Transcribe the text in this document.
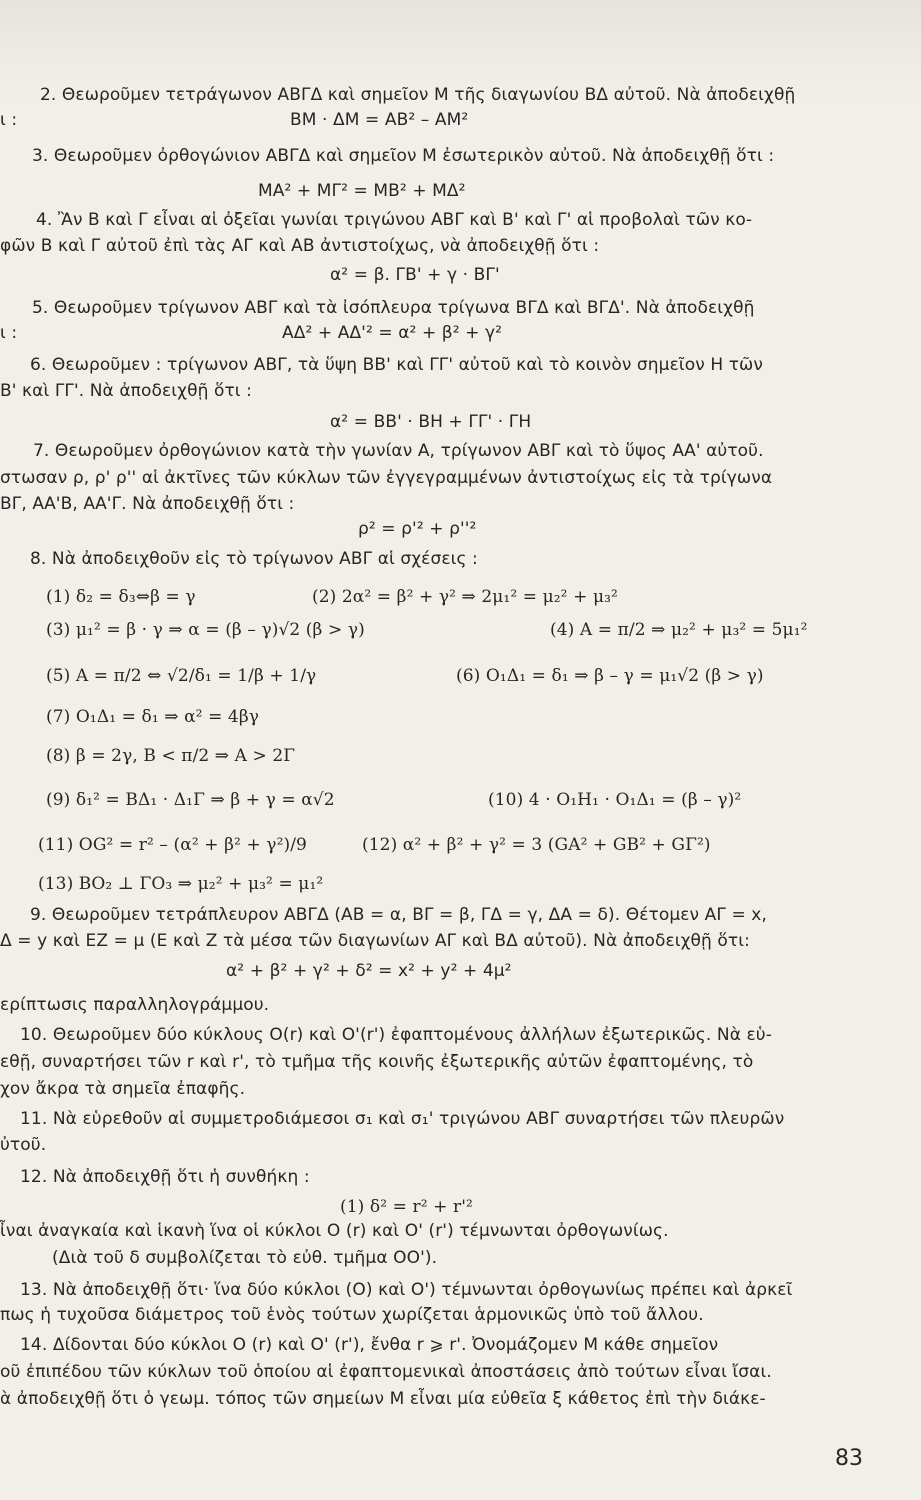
2. Θεωροῦμεν τετράγωνον ΑΒΓΔ καὶ σημεῖον Μ τῆς διαγωνίου ΒΔ αὐτοῦ. Νὰ ἀποδειχθῇ
ι :	ΒΜ · ΔΜ = ΑΒ² – ΑΜ²
3. Θεωροῦμεν ὀρθογώνιον ΑΒΓΔ καὶ σημεῖον Μ ἐσωτερικὸν αὐτοῦ. Νὰ ἀποδειχθῇ ὅτι :
ΜΑ² + ΜΓ² = ΜΒ² + ΜΔ²
4. Ἂν Β καὶ Γ εἶναι αἱ ὀξεῖαι γωνίαι τριγώνου ΑΒΓ καὶ Β' καὶ Γ' αἱ προβολαὶ τῶν κο-
φῶν Β καὶ Γ αὐτοῦ ἐπὶ τὰς ΑΓ καὶ ΑΒ ἀντιστοίχως, νὰ ἀποδειχθῇ ὅτι :
α² = β. ΓΒ' + γ · ΒΓ'
5. Θεωροῦμεν τρίγωνον ΑΒΓ καὶ τὰ ἰσόπλευρα τρίγωνα ΒΓΔ καὶ ΒΓΔ'. Νὰ ἀποδειχθῇ
ι :	ΑΔ² + ΑΔ'² = α² + β² + γ²
6. Θεωροῦμεν : τρίγωνον ΑΒΓ, τὰ ὕψη ΒΒ' καὶ ΓΓ' αὐτοῦ καὶ τὸ κοινὸν σημεῖον Η τῶν
Β' καὶ ΓΓ'. Νὰ ἀποδειχθῇ ὅτι :
α² = ΒΒ' · ΒΗ + ΓΓ' · ΓΗ
7. Θεωροῦμεν ὀρθογώνιον κατὰ τὴν γωνίαν Α, τρίγωνον ΑΒΓ καὶ τὸ ὕψος ΑΑ' αὐτοῦ.
στωσαν ρ, ρ' ρ'' αἱ ἀκτῖνες τῶν κύκλων τῶν ἐγγεγραμμένων ἀντιστοίχως εἰς τὰ τρίγωνα
ΒΓ, ΑΑ'Β, ΑΑ'Γ. Νὰ ἀποδειχθῇ ὅτι :
ρ² = ρ'² + ρ''²
8. Νὰ ἀποδειχθοῦν εἰς τὸ τρίγωνον ΑΒΓ αἱ σχέσεις :
(1) δ₂ = δ₃⇔β = γ	(2) 2α² = β² + γ² ⇒ 2μ₁² = μ₂² + μ₃²
(3) μ₁² = β · γ ⇒ α = (β – γ)√2 (β > γ)	(4) Α = π/2 ⇒ μ₂² + μ₃² = 5μ₁²
(5) Α = π/2 ⇔ √2/δ₁ = 1/β + 1/γ	(6) Ο₁Δ₁ = δ₁ ⇒ β – γ = μ₁√2 (β > γ)
(7) Ο₁Δ₁ = δ₁ ⇒ α² = 4βγ
(8) β = 2γ, Β < π/2 ⇒ Α > 2Γ
(9) δ₁² = ΒΔ₁ · Δ₁Γ ⇒ β + γ = α√2	(10) 4 · Ο₁Η₁ · Ο₁Δ₁ = (β – γ)²
(11) ΟG² = r² – (α² + β² + γ²)/9	(12) α² + β² + γ² = 3 (GΑ² + GΒ² + GΓ²)
(13) ΒΟ₂ ⊥ ΓΟ₃ ⇒ μ₂² + μ₃² = μ₁²
9. Θεωροῦμεν τετράπλευρον ΑΒΓΔ (ΑΒ = α, ΒΓ = β, ΓΔ = γ, ΔΑ = δ). Θέτομεν ΑΓ = x,
Δ = y καὶ ΕΖ = μ (Ε καὶ Ζ τὰ μέσα τῶν διαγωνίων ΑΓ καὶ ΒΔ αὐτοῦ). Νὰ ἀποδειχθῇ ὅτι:
α² + β² + γ² + δ² = x² + y² + 4μ²
ερίπτωσις παραλληλογράμμου.
10. Θεωροῦμεν δύο κύκλους Ο(r) καὶ Ο'(r') ἐφαπτομένους ἀλλήλων ἐξωτερικῶς. Νὰ εὑ-
εθῇ, συναρτήσει τῶν r καὶ r', τὸ τμῆμα τῆς κοινῆς ἐξωτερικῆς αὐτῶν ἐφαπτομένης, τὸ
χον ἄκρα τὰ σημεῖα ἐπαφῆς.
11. Νὰ εὑρεθοῦν αἱ συμμετροδιάμεσοι σ₁ καὶ σ₁' τριγώνου ΑΒΓ συναρτήσει τῶν πλευρῶν
ὐτοῦ.
12. Νὰ ἀποδειχθῇ ὅτι ἡ συνθήκη :
(1) δ² = r² + r'²
ἶναι ἀναγκαία καὶ ἱκανὴ ἵνα οἱ κύκλοι Ο (r) καὶ Ο' (r') τέμνωνται ὀρθογωνίως.
(Διὰ τοῦ δ συμβολίζεται τὸ εὐθ. τμῆμα ΟΟ').
13. Νὰ ἀποδειχθῇ ὅτι· ἵνα δύο κύκλοι (Ο) καὶ Ο') τέμνωνται ὀρθογωνίως πρέπει καὶ ἀρκεῖ
πως ἡ τυχοῦσα διάμετρος τοῦ ἑνὸς τούτων χωρίζεται ἁρμονικῶς ὑπὸ τοῦ ἄλλου.
14. Δίδονται δύο κύκλοι Ο (r) καὶ Ο' (r'), ἔνθα r ⩾ r'. Ὀνομάζομεν Μ κάθε σημεῖον
οῦ ἐπιπέδου τῶν κύκλων τοῦ ὁποίου αἱ ἐφαπτομενικαὶ ἀποστάσεις ἀπὸ τούτων εἶναι ἴσαι.
ὰ ἀποδειχθῇ ὅτι ὁ γεωμ. τόπος τῶν σημείων Μ εἶναι μία εὐθεῖα ξ κάθετος ἐπὶ τὴν διάκε-
83
